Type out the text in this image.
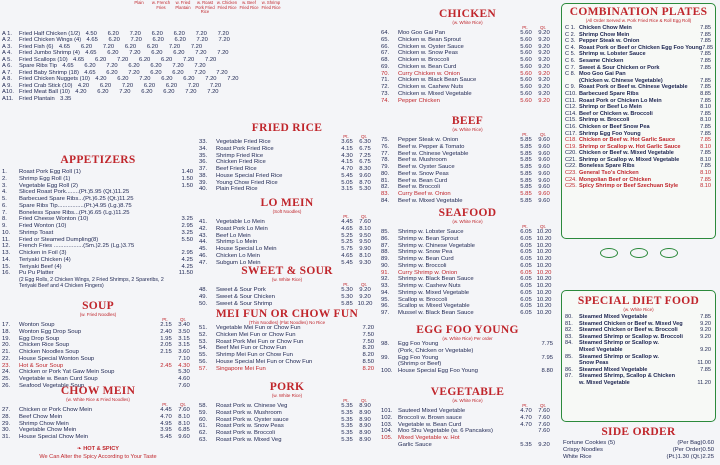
Plain	w. French Fries
w. Fried Plantain
w. Roast Pork Fried Rice
w. Chicken Fried Rice
w. Beef Fried Rice
w. Shrimp Fried Rice
A 1.	Fried Half Chicken (1/2) 4.50	6.20	7.20	6.20	6.20	7.20	7.20
A 2.	Fried Chicken Wings (4) 4.65	6.20	7.20	6.20	6.20	7.20	7.20
A 3.	Fried Fish (6) 4.65	6.20	7.20	6.20	6.20	7.20	7.20
A 4.	Fried Jumbo Shrimp (4) 4.65	6.20	7.20	6.20	6.20	7.20	7.20
A 5.	Fried Scallops (10) 4.65	6.20	7.20	6.20	6.20	7.20	7.20
A 6.	Spare Ribs Tip 4.65	6.20	7.20	6.20	6.20	7.20	7.20
A 7.	Fried Baby Shrimp (18) 4.65	6.20	7.20	6.20	6.20	7.20	7.20
A 8.	Fried Chicken Nuggets (10) 4.20	6.20	7.20	6.20	6.20	7.20	7.20
A 9.	Fried Crab Stick (10) 4.20	6.20	7.20	6.20	6.20	7.20	7.20
A10. Fried Meat Ball (10) 4.20	6.20	7.20	6.20	6.20	7.20	7.20
A11. Fried Plantain 3.35
APPETIZERS
1.	Roast Pork Egg Roll (1)	1.40
2.	Shrimp Egg Roll (1)	1.50
3.	Vegetable Egg Roll (2)	1.50
4.	Sliced Roast Pork........(Pt.)5.95 (Qt.)11.25
5.	Barbecued Spare Ribs...(Pt.)6.25 (Qt.)11.25
6.	Spare Ribs Tip................(Pt.)4.95 (Lg.)8.75
7.	Boneless Spare Ribs...(Pt.)6.65 (Lg.)11.25
8.	Fried Cheese Wonton (10)	3.25
9.	Fried Wonton (10)	2.95
10.	Shrimp Toast	3.25
11.	Fried or Steamed Dumpling(8)	5.50
12.	French Fries ..................(Sm.)2.25 (Lg.)3.75
13.	Chicken in Foil (3)	2.95
14.	Teriyaki Chicken (4)	4.25
15.	Teriyaki Beef (4)	4.25
16.	Pu Pu Platter	11.50
(2 Egg Rolls, 2 Chicken Wings, 2 Fried Shrimps, 2 Spareribs, 2 Teriyaki Beef and 4 Chicken Fingers)
SOUP
(w. Fried Noodles)
Pt.	Qt.
17.	Wonton Soup	2.15	3.40
18.	Wonton Egg Drop Soup	2.40	3.50
19.	Egg Drop Soup	1.95	3.15
20.	Chicken Rice Soup	2.05	3.15
21.	Chicken Noodles Soup	2.15	3.60
22.	House Special Wonton Soup	7.10
23.	Hot & Sour Soup	2.45	4.30
24.	Chicken or Pork Yat Gaw Mein Soup	5.30
25.	Vegetable w. Bean Curd Soup	4.60
26.	Seafood Vegetable Soup	7.60
CHOW MEIN
(w. White Rice & Fried Noodles)
Pt.	Qt.
27.	Chicken or Pork Chow Mein	4.45	7.60
28.	Beef Chow Mein	4.70	8.10
29.	Shrimp Chow Mein	4.95	8.10
30.	Vegetable Chow Mein	3.95	6.85
31.	House Special Chow Mein	5.45	9.60
❧ HOT & SPICY
We Can Alter the Spicy According to Your Taste
FRIED RICE
Pt.	Qt.
33.	Vegetable Fried Rice	3.65	6.30
34.	Roast Pork Fried Rice	4.15	6.75
35.	Shrimp Fried Rice	4.30	7.25
36.	Chicken Fried Rice	4.15	6.75
37.	Beef Fried Rice	4.70	8.30
38.	House Special Fried Rice	5.45	9.60
39.	Young Chow Fried Rice	5.05	8.70
40.	Plain Fried Rice	3.15	5.30
LO MEIN
(Soft Noodles)
Pt.	Qt.
41.	Vegetable Lo Mein	4.45	7.60
42.	Roast Pork Lo Mein	4.65	8.10
43.	Beef Lo Mein	5.25	9.50
44.	Shrimp Lo Mein	5.25	9.50
45.	House Special Lo Mein	5.75	9.90
46.	Chicken Lo Mein	4.65	8.10
47.	Subgum Lo Mein	5.45	9.30
SWEET & SOUR
(w. White Rice)
Pt.	Qt.
48.	Sweet & Sour Pork	5.30	9.20
49.	Sweet & Sour Chicken	5.30	9.20
50.	Sweet & Sour Shrimp	5.85 10.20
MEI FUN OR CHOW FUN
(Thin Noodles) (Flat Noodles) No Rice
51.	Vegetable Mei Fun or Chow Fun	7.20
52.	Chicken Mei Fun or Chow Fun	7.50
53.	Roast Pork Mei Fun or Chow Fun	7.50
54.	Beef Mei Fun or Chow Fun	8.20
55.	Shrimp Mei Fun or Chow Fun	8.20
56.	House Special Mei Fun or Chow Fun	8.50
57.	Singapore Mei Fun	8.20
PORK
(w. White Rice)
Pt.	Qt.
58.	Roast Pork w. Chinese Veg	5.35	8.90
59.	Roast Pork w. Mushroom	5.35	8.90
60.	Roast Pork w. Oyster sauce	5.35	8.90
61.	Roast Pork w. Snow Peas	5.35	8.90
62.	Roast Pork w. Broccoli	5.35	8.90
63.	Roast Pork w. Mixed Veg	5.35	8.90
CHICKEN
(w. White Rice)
Pt.	Qt.
64.	Moo Goo Gai Pan	5.60	9.20
65.	Chicken w. Bean Sprout	5.60	9.20
66.	Chicken w. Oyster Sauce	5.60	9.20
67.	Chicken w. Snow Peas	5.60	9.20
68.	Chicken w. Broccoli	5.60	9.20
69.	Chicken w. Bean Curd	5.60	9.20
70.	Curry Chicken w. Onion	5.60	9.20
71.	Chicken w. Black Bean Sauce	5.60	9.20
72.	Chicken w. Cashew Nuts	5.60	9.20
73.	Chicken w. Mixed Vegetable	5.60	9.20
74.	Pepper Chicken	5.60	9.20
BEEF
(w. White Rice)
Pt.	Qt.
75.	Pepper Steak w. Onion	5.85	9.60
76.	Beef w. Pepper & Tomato	5.85	9.60
77.	Beef w. Chinese Vegetable	5.85	9.60
78.	Beef w. Mushroom	5.85	9.60
79.	Beef w. Oyster Sauce	5.85	9.60
80.	Beef w. Snow Peas	5.85	9.60
81.	Beef w. Bean Curd	5.85	9.60
82.	Beef w. Broccoli	5.85	9.60
83.	Curry Beef w. Onion	5.85	9.60
84.	Beef w. Mixed Vegetable	5.85	9.60
SEAFOOD
(w. White Rice)
Pt.	Qt.
85.	Shrimp w. Lobster Sauce	6.05 10.20
86.	Shrimp w. Bean Sprout	6.05 10.20
87.	Shrimp w. Chinese Vegetable	6.05 10.20
88.	Shrimp w. Snow Pea	6.05 10.20
89.	Shrimp w. Bean Curd	6.05 10.20
90.	Shrimp w. Broccoli	6.05 10.20
91.	Curry Shrimp w. Onion	6.05 10.20
92.	Shrimp w. Black Bean Sauce	6.05 10.20
93.	Shrimp w. Cashew Nuts	6.05 10.20
94.	Shrimp w. Mixed Vegetable	6.05 10.20
95.	Scallop w. Broccoli	6.05 10.20
96.	Scallop w. Mixed Vegetable	6.05 10.20
97.	Mussel w. Black Bean Sauce	6.05 10.20
EGG FOO YOUNG
(w. White Rice) Per order
98.	Egg Foo Young	7.75
(Pork, Chicken or Vegetable)
99.	Egg Foo Young	7.95
(Shrimp or Beef)
100. House Special Egg Foo Young	8.80
VEGETABLE
(w. White Rice)
Pt.	Qt.
101. Sauteed Mixed Vegetable	4.70	7.60
102. Broccoli w. Brown sauce	4.70	7.60
103. Vegetable w. Bean Curd	4.70	7.60
104. Moo Shu Vegetable (w. 6 Pancakes)	7.60
105. Mixed Vegetable w. Hot
Garlic Sauce	5.35	9.20
COMBINATION PLATES
(All Order Served w. Pork Fried Rice & Roll Egg Roll)
C 1. Chicken Chow Mein	7.85
C 2. Shrimp Chow Mein	7.85
C 3. Pepper Steak w. Onion	7.85
C 4. Roast Pork or Beef or Chicken Egg Foo Young 7.85
C 5. Shrimp w. Lobster Sauce	7.85
C 6. Sesame Chicken	7.85
C 7. Sweet & Sour Chicken or Pork	7.85
C 8. Moo Goo Gai Pan
(Chicken w. Chinese Vegetable)	7.85
C 9. Roast Pork or Beef w. Chinese Vegetable	7.85
C10. Barbecued Spare Ribs	8.85
C11. Roast Pork or Chicken Lo Mein	7.85
C12. Shrimp or Beef Lo Mein	8.10
C14. Beef or Chicken w. Broccoli	7.85
C15. Shrimp w. Broccoli	8.10
C16. Chicken or Beef Snow Pea	7.85
C17. Shrimp Egg Foo Young	7.85
C18. Chicken or Beef w. Hot Garlic Sauce	7.85
C19. Shrimp or Scallop w. Hot Garlic Sauce	8.10
C20. Chicken or Beef w. Mixed Vegetable	7.85
C21. Shrimp or Scallop w. Mixed Vegetable	8.10
C22. Boneless Spare Ribs	7.85
C23. General Tso's Chicken	8.10
C24. Mongolian Beef or Chicken	7.85
C25. Spicy Shrimp or Beef Szechuan Style	8.10
SPECIAL DIET FOOD
(w. White Rice)
80.	Steamed Mixed Vegetable	7.85
81.	Steamed Chicken or Beef w. Mixed Veg	9.20
82.	Steamed Chicken or Beef w. Broccoli	9.20
83.	Steamed Shrimp or Scallop w. Broccoli	9.20
84.	Steamed Shrimp or Scallop w.
Mixed Vegetable	9.20
85.	Steamed Shrimp or Scallop w.
Snow Peas	11.00
86.	Steamed Mixed Vegetable	7.85
87.	Steamed Shrimp, Scallop & Chicken
w. Mixed Vegetable	11.20
SIDE ORDER
Fortune Cookies (5)	(Per Bag)0.60
Crispy Noodles	(Per Order)0.50
White Rice	(Pt.)1.30 (Qt.)2.25
